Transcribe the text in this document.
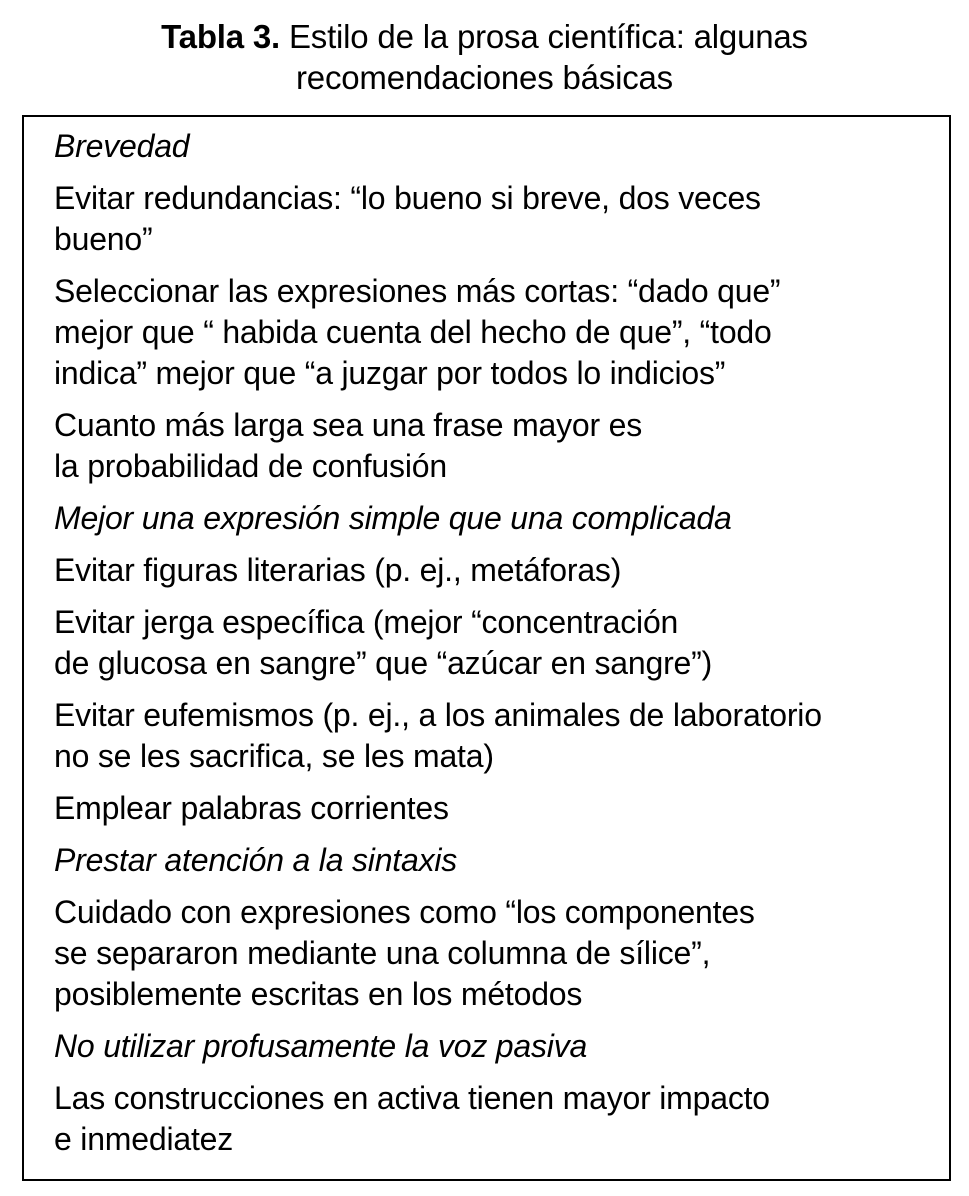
Tabla 3. Estilo de la prosa científica: algunas
recomendaciones básicas
Brevedad
Evitar redundancias: “lo bueno si breve, dos veces
bueno”
Seleccionar las expresiones más cortas: “dado que”
mejor que “ habida cuenta del hecho de que”, “todo
indica” mejor que “a juzgar por todos lo indicios”
Cuanto más larga sea una frase mayor es
la probabilidad de confusión
Mejor una expresión simple que una complicada
Evitar figuras literarias (p. ej., metáforas)
Evitar jerga específica (mejor “concentración
de glucosa en sangre” que “azúcar en sangre”)
Evitar eufemismos (p. ej., a los animales de laboratorio
no se les sacrifica, se les mata)
Emplear palabras corrientes
Prestar atención a la sintaxis
Cuidado con expresiones como “los componentes
se separaron mediante una columna de sílice”,
posiblemente escritas en los métodos
No utilizar profusamente la voz pasiva
Las construcciones en activa tienen mayor impacto
e inmediatez
